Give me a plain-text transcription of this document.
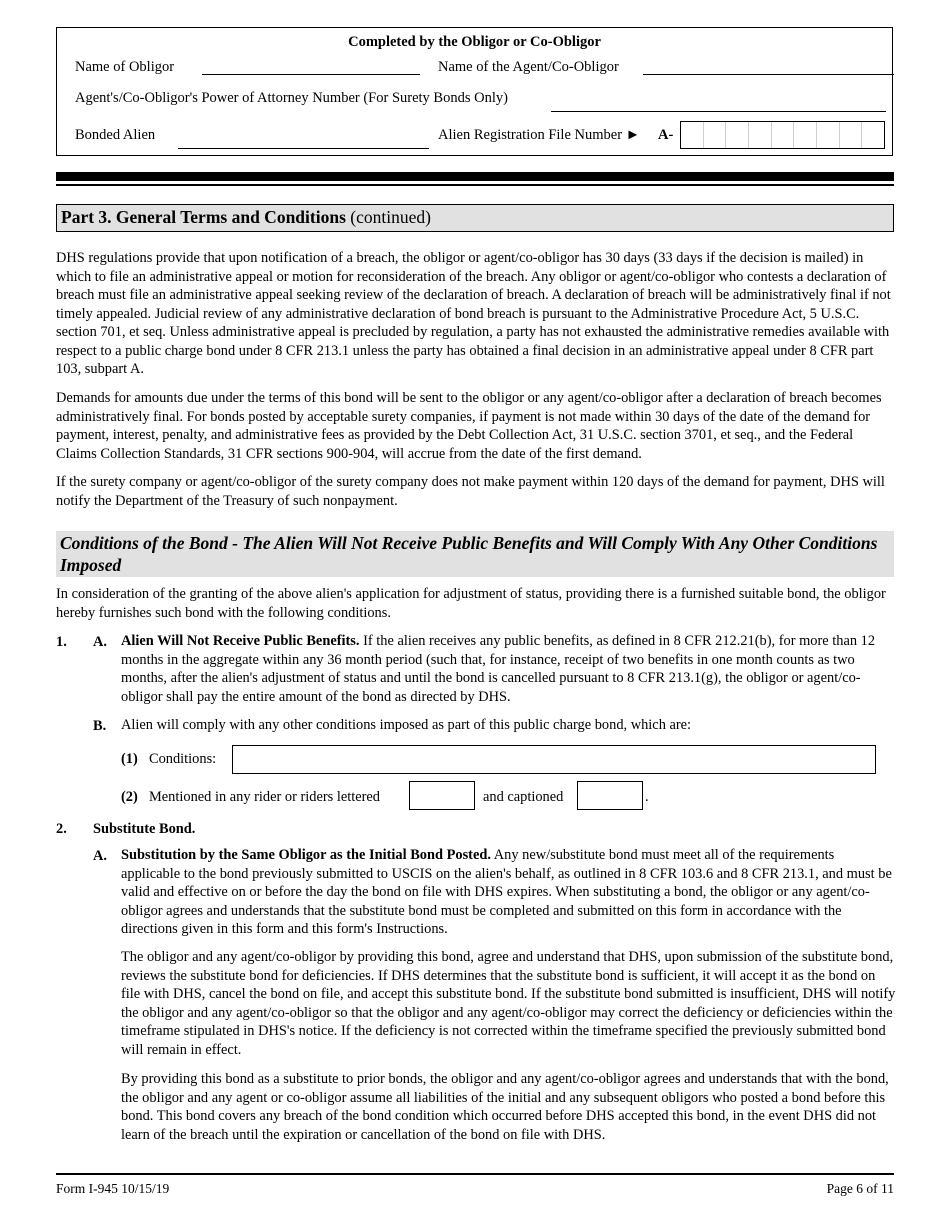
Completed by the Obligor or Co-Obligor
Name of Obligor	Name of the Agent/Co-Obligor
Agent's/Co-Obligor's Power of Attorney Number (For Surety Bonds Only)
Bonded Alien	Alien Registration File Number ► A-
Part 3. General Terms and Conditions (continued)

DHS regulations provide that upon notification of a breach, the obligor or agent/co-obligor has 30 days (33 days if the decision is mailed) in which to file an administrative appeal or motion for reconsideration of the breach. Any obligor or agent/co-obligor who contests a declaration of breach must file an administrative appeal seeking review of the declaration of breach. A declaration of breach will be administratively final if not timely appealed. Judicial review of any administrative declaration of bond breach is pursuant to the Administrative Procedure Act, 5 U.S.C. section 701, et seq. Unless administrative appeal is precluded by regulation, a party has not exhausted the administrative remedies available with respect to a public charge bond under 8 CFR 213.1 unless the party has obtained a final decision in an administrative appeal under 8 CFR part 103, subpart A.

Demands for amounts due under the terms of this bond will be sent to the obligor or any agent/co-obligor after a declaration of breach becomes administratively final. For bonds posted by acceptable surety companies, if payment is not made within 30 days of the date of the demand for payment, interest, penalty, and administrative fees as provided by the Debt Collection Act, 31 U.S.C. section 3701, et seq., and the Federal Claims Collection Standards, 31 CFR sections 900-904, will accrue from the date of the first demand.

If the surety company or agent/co-obligor of the surety company does not make payment within 120 days of the demand for payment, DHS will notify the Department of the Treasury of such nonpayment.

Conditions of the Bond - The Alien Will Not Receive Public Benefits and Will Comply With Any Other Conditions Imposed

In consideration of the granting of the above alien's application for adjustment of status, providing there is a furnished suitable bond, the obligor hereby furnishes such bond with the following conditions.

1. A. Alien Will Not Receive Public Benefits. If the alien receives any public benefits, as defined in 8 CFR 212.21(b), for more than 12 months in the aggregate within any 36 month period (such that, for instance, receipt of two benefits in one month counts as two months, after the alien's adjustment of status and until the bond is cancelled pursuant to 8 CFR 213.1(g), the obligor or agent/co-obligor shall pay the entire amount of the bond as directed by DHS.

B. Alien will comply with any other conditions imposed as part of this public charge bond, which are:

(1) Conditions:
(2) Mentioned in any rider or riders lettered	and captioned	.
2. Substitute Bond.
A. Substitution by the Same Obligor as the Initial Bond Posted. Any new/substitute bond must meet all of the requirements applicable to the bond previously submitted to USCIS on the alien's behalf, as outlined in 8 CFR 103.6 and 8 CFR 213.1, and must be valid and effective on or before the day the bond on file with DHS expires. When substituting a bond, the obligor or any agent/co-obligor agrees and understands that the substitute bond must be completed and submitted on this form in accordance with the directions given in this form and this form's Instructions.

The obligor and any agent/co-obligor by providing this bond, agree and understand that DHS, upon submission of the substitute bond, reviews the substitute bond for deficiencies. If DHS determines that the substitute bond is sufficient, it will accept it as the bond on file with DHS, cancel the bond on file, and accept this substitute bond. If the substitute bond submitted is insufficient, DHS will notify the obligor and any agent/co-obligor so that the obligor and any agent/co-obligor may correct the deficiency or deficiencies within the timeframe stipulated in DHS's notice. If the deficiency is not corrected within the timeframe specified the previously submitted bond will remain in effect.

By providing this bond as a substitute to prior bonds, the obligor and any agent/co-obligor agrees and understands that with the bond, the obligor and any agent or co-obligor assume all liabilities of the initial and any subsequent obligors who posted a bond before this bond. This bond covers any breach of the bond condition which occurred before DHS accepted this bond, in the event DHS did not learn of the breach until the expiration or cancellation of the bond on file with DHS.

Form I-945 10/15/19	Page 6 of 11
